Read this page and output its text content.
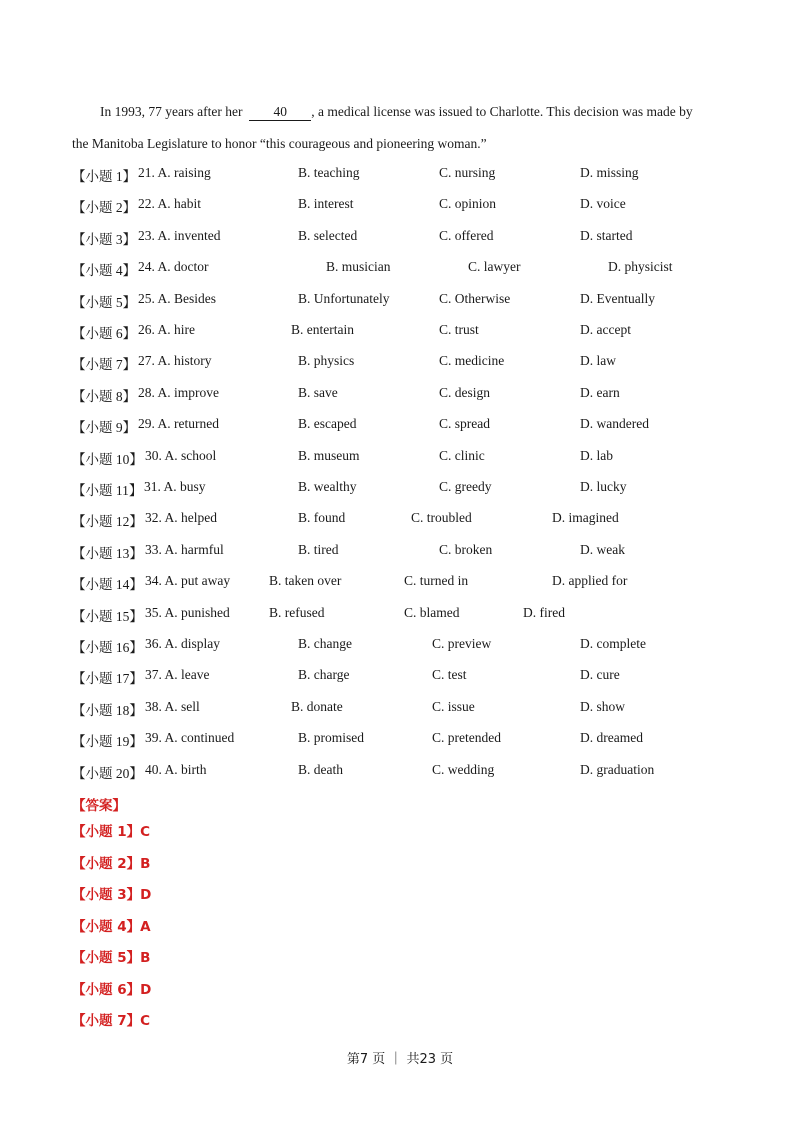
In 1993, 77 years after her 40 , a medical license was issued to Charlotte. This decision was made by
the Manitoba Legislature to honor “this courageous and pioneering woman.”
【小题 1】 21. A. raising	B. teaching	C. nursing	D. missing
【小题 2】 22. A. habit	B. interest	C. opinion	D. voice
【小题 3】 23. A. invented	B. selected	C. offered	D. started
【小题 4】 24. A. doctor	B. musician	C. lawyer	D. physicist
【小题 5】 25. A. Besides	B. Unfortunately	C. Otherwise	D. Eventually
【小题 6】 26. A. hire	B. entertain	C. trust	D. accept
【小题 7】 27. A. history	B. physics	C. medicine	D. law
【小题 8】 28. A. improve	B. save	C. design	D. earn
【小题 9】 29. A. returned	B. escaped	C. spread	D. wandered
【小题 10】 30. A. school	B. museum	C. clinic	D. lab
【小题 11】 31. A. busy	B. wealthy	C. greedy	D. lucky
【小题 12】 32. A. helped	B. found	C. troubled	D. imagined
【小题 13】 33. A. harmful	B. tired	C. broken	D. weak
【小题 14】 34. A. put away	B. taken over	C. turned in	D. applied for
【小题 15】 35. A. punished	B. refused	C. blamed	D. fired
【小题 16】 36. A. display	B. change	C. preview	D. complete
【小题 17】 37. A. leave	B. charge	C. test	D. cure
【小题 18】 38. A. sell	B. donate	C. issue	D. show
【小题 19】 39. A. continued	B. promised	C. pretended	D. dreamed
【小题 20】 40. A. birth	B. death	C. wedding	D. graduation
【答案】
【小题 1】C
【小题 2】B
【小题 3】D
【小题 4】A
【小题 5】B
【小题 6】D
【小题 7】C
第7 页 ｜ 共23 页
